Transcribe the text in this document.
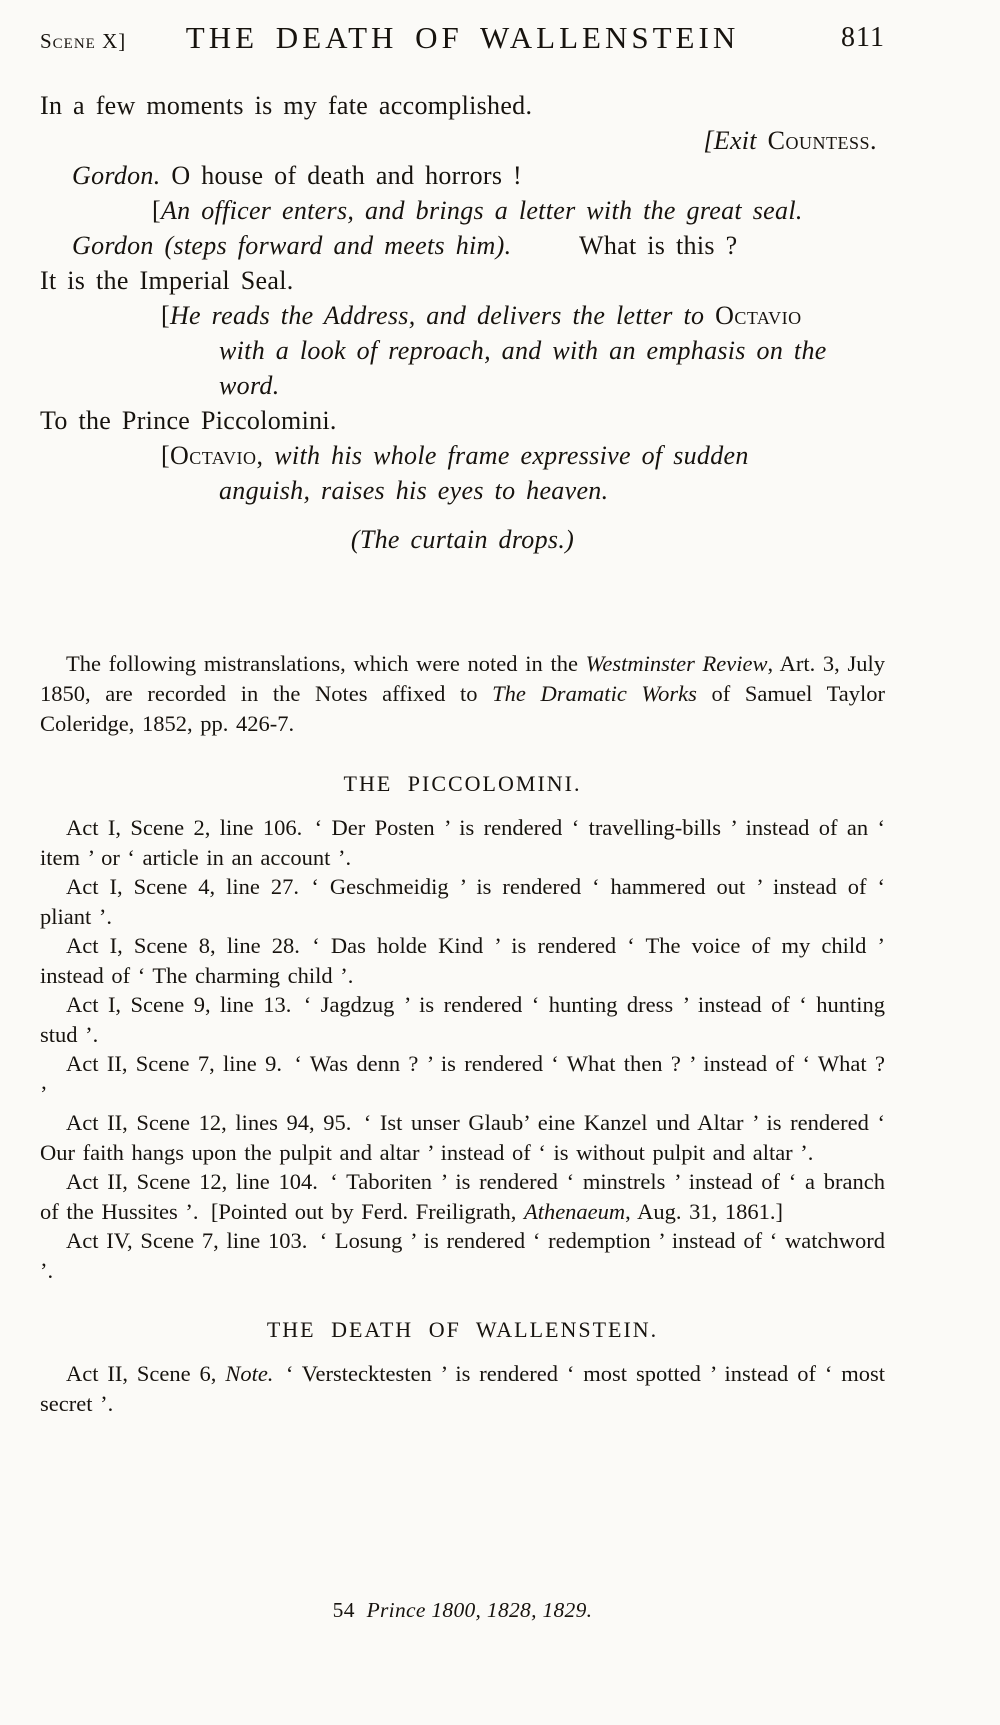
Scene X]	THE DEATH OF WALLENSTEIN	811

In a few moments is my fate accomplished.

[Exit Countess.

Gordon. O house of death and horrors !

[An officer enters, and brings a letter with the great seal.

Gordon (steps forward and meets him).	What is this ?

It is the Imperial Seal.

[He reads the Address, and delivers the letter to Octavio

with a look of reproach, and with an emphasis on the

word.

To the Prince Piccolomini.

[Octavio, with his whole frame expressive of sudden

anguish, raises his eyes to heaven.

(The curtain drops.)

The following mistranslations, which were noted in the Westminster Review, Art. 3, July 1850, are recorded in the Notes affixed to The Dramatic Works of Samuel Taylor Coleridge, 1852, pp. 426-7.

THE PICCOLOMINI.

Act I, Scene 2, line 106. ‘ Der Posten ’ is rendered ‘ travelling-bills ’ instead of an ‘ item ’ or ‘ article in an account ’.

Act I, Scene 4, line 27. ‘ Geschmeidig ’ is rendered ‘ hammered out ’ instead of ‘ pliant ’.

Act I, Scene 8, line 28. ‘ Das holde Kind ’ is rendered ‘ The voice of my child ’ instead of ‘ The charming child ’.

Act I, Scene 9, line 13. ‘ Jagdzug ’ is rendered ‘ hunting dress ’ instead of ‘ hunting stud ’.

Act II, Scene 7, line 9. ‘ Was denn ? ’ is rendered ‘ What then ? ’ instead of ‘ What ? ’

Act II, Scene 12, lines 94, 95. ‘ Ist unser Glaub’ eine Kanzel und Altar ’ is rendered ‘ Our faith hangs upon the pulpit and altar ’ instead of ‘ is without pulpit and altar ’.

Act II, Scene 12, line 104. ‘ Taboriten ’ is rendered ‘ minstrels ’ instead of ‘ a branch of the Hussites ’. [Pointed out by Ferd. Freiligrath, Athenaeum, Aug. 31, 1861.]

Act IV, Scene 7, line 103. ‘ Losung ’ is rendered ‘ redemption ’ instead of ‘ watchword ’.

THE DEATH OF WALLENSTEIN.

Act II, Scene 6, Note. ‘ Verstecktesten ’ is rendered ‘ most spotted ’ instead of ‘ most secret ’.

54 Prince 1800, 1828, 1829.
